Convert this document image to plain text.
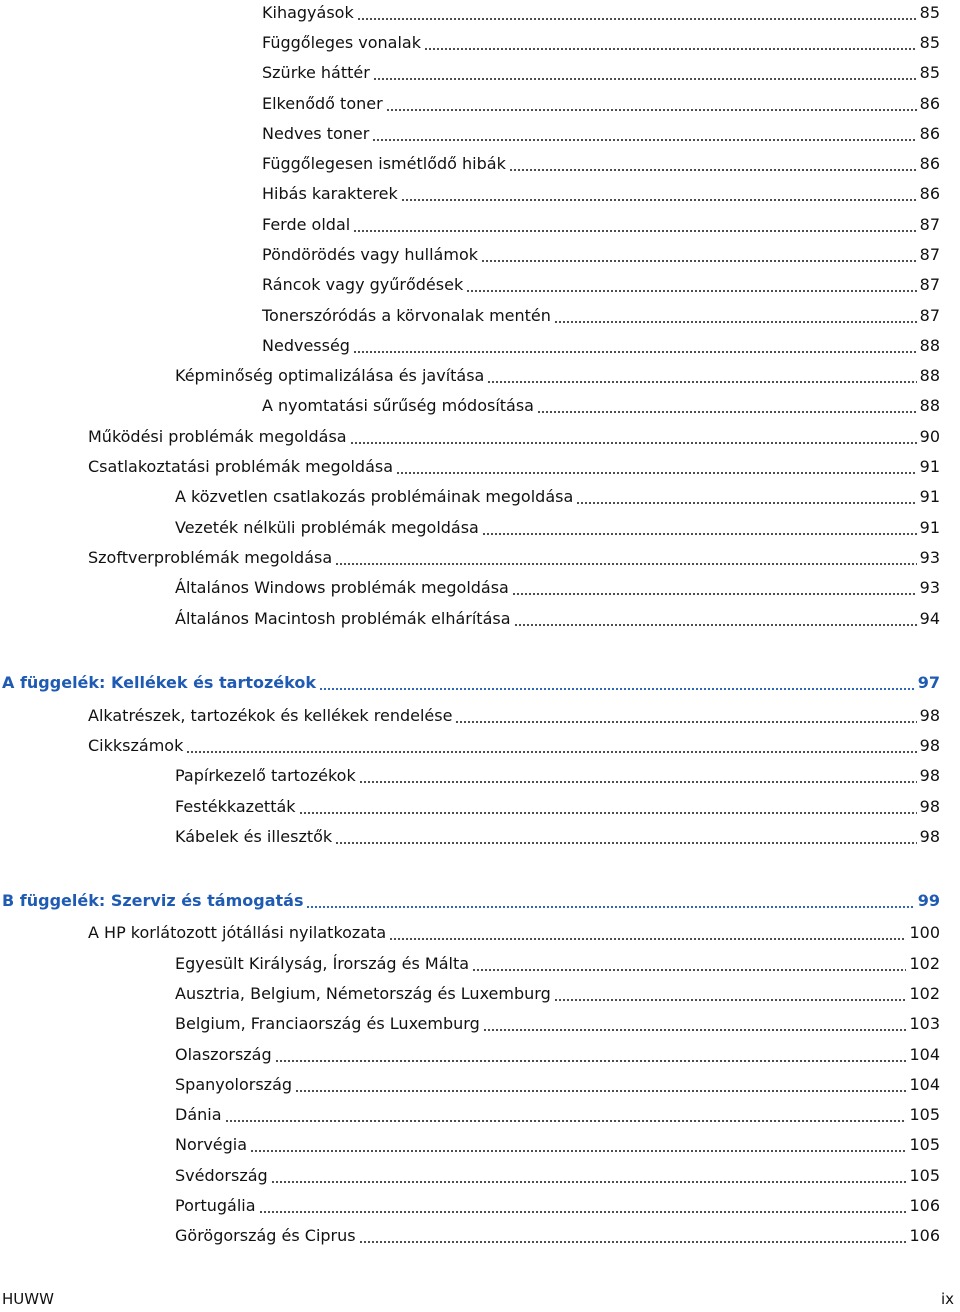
Kihagyások	85
Függőleges vonalak	85
Szürke háttér	85
Elkenődő toner	86
Nedves toner	86
Függőlegesen ismétlődő hibák	86
Hibás karakterek	86
Ferde oldal	87
Pöndörödés vagy hullámok	87
Ráncok vagy gyűrődések	87
Tonerszóródás a körvonalak mentén	87
Nedvesség	88
Képminőség optimalizálása és javítása	88
A nyomtatási sűrűség módosítása	88
Működési problémák megoldása	90
Csatlakoztatási problémák megoldása	91
A közvetlen csatlakozás problémáinak megoldása	91
Vezeték nélküli problémák megoldása	91
Szoftverproblémák megoldása	93
Általános Windows problémák megoldása	93
Általános Macintosh problémák elhárítása	94
A függelék: Kellékek és tartozékok	97
Alkatrészek, tartozékok és kellékek rendelése	98
Cikkszámok	98
Papírkezelő tartozékok	98
Festékkazetták	98
Kábelek és illesztők	98
B függelék: Szerviz és támogatás	99
A HP korlátozott jótállási nyilatkozata	100
Egyesült Királyság, Írország és Málta	102
Ausztria, Belgium, Németország és Luxemburg	102
Belgium, Franciaország és Luxemburg	103
Olaszország	104
Spanyolország	104
Dánia	105
Norvégia	105
Svédország	105
Portugália	106
Görögország és Ciprus	106
HUWW	ix
